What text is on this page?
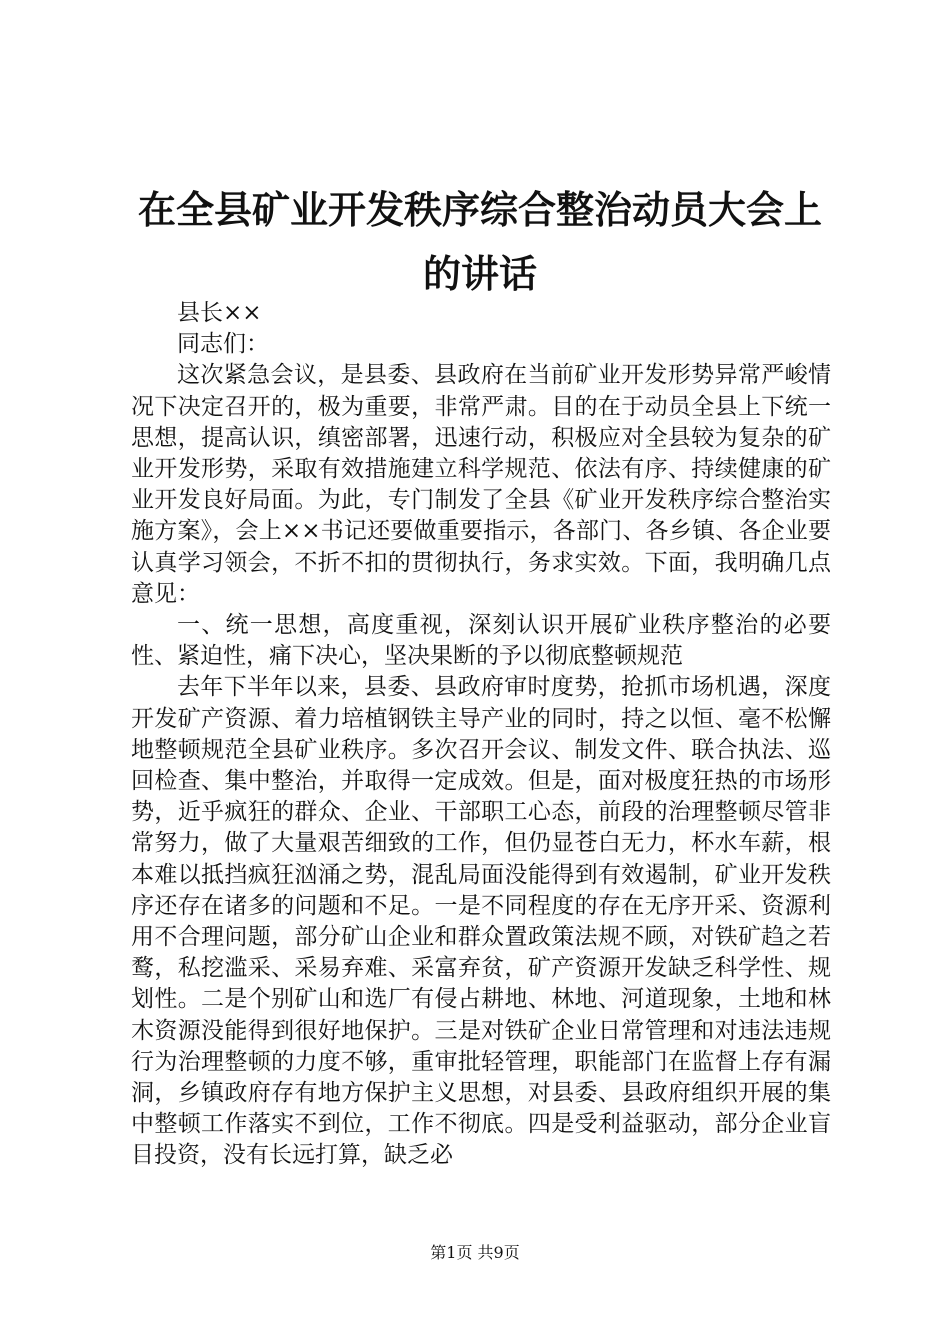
在全县矿业开发秩序综合整治动员大会上的讲话

县长××

同志们：

这次紧急会议，是县委、县政府在当前矿业开发形势异常严峻情况下决定召开的，极为重要，非常严肃。目的在于动员全县上下统一思想，提高认识，缜密部署，迅速行动，积极应对全县较为复杂的矿业开发形势，采取有效措施建立科学规范、依法有序、持续健康的矿业开发良好局面。为此，专门制发了全县《矿业开发秩序综合整治实施方案》，会上××书记还要做重要指示，各部门、各乡镇、各企业要认真学习领会，不折不扣的贯彻执行，务求实效。下面，我明确几点意见：

一、统一思想，高度重视，深刻认识开展矿业秩序整治的必要性、紧迫性，痛下决心，坚决果断的予以彻底整顿规范

去年下半年以来，县委、县政府审时度势，抢抓市场机遇，深度开发矿产资源、着力培植钢铁主导产业的同时，持之以恒、毫不松懈地整顿规范全县矿业秩序。多次召开会议、制发文件、联合执法、巡回检查、集中整治，并取得一定成效。但是，面对极度狂热的市场形势，近乎疯狂的群众、企业、干部职工心态，前段的治理整顿尽管非常努力，做了大量艰苦细致的工作，但仍显苍白无力，杯水车薪，根本难以抵挡疯狂汹涌之势，混乱局面没能得到有效遏制，矿业开发秩序还存在诸多的问题和不足。一是不同程度的存在无序开采、资源利用不合理问题，部分矿山企业和群众置政策法规不顾，对铁矿趋之若鹜，私挖滥采、采易弃难、采富弃贫，矿产资源开发缺乏科学性、规划性。二是个别矿山和选厂有侵占耕地、林地、河道现象，土地和林木资源没能得到很好地保护。三是对铁矿企业日常管理和对违法违规行为治理整顿的力度不够，重审批轻管理，职能部门在监督上存有漏洞，乡镇政府存有地方保护主义思想，对县委、县政府组织开展的集中整顿工作落实不到位，工作不彻底。四是受利益驱动，部分企业盲目投资，没有长远打算，缺乏必

第1页 共9页
